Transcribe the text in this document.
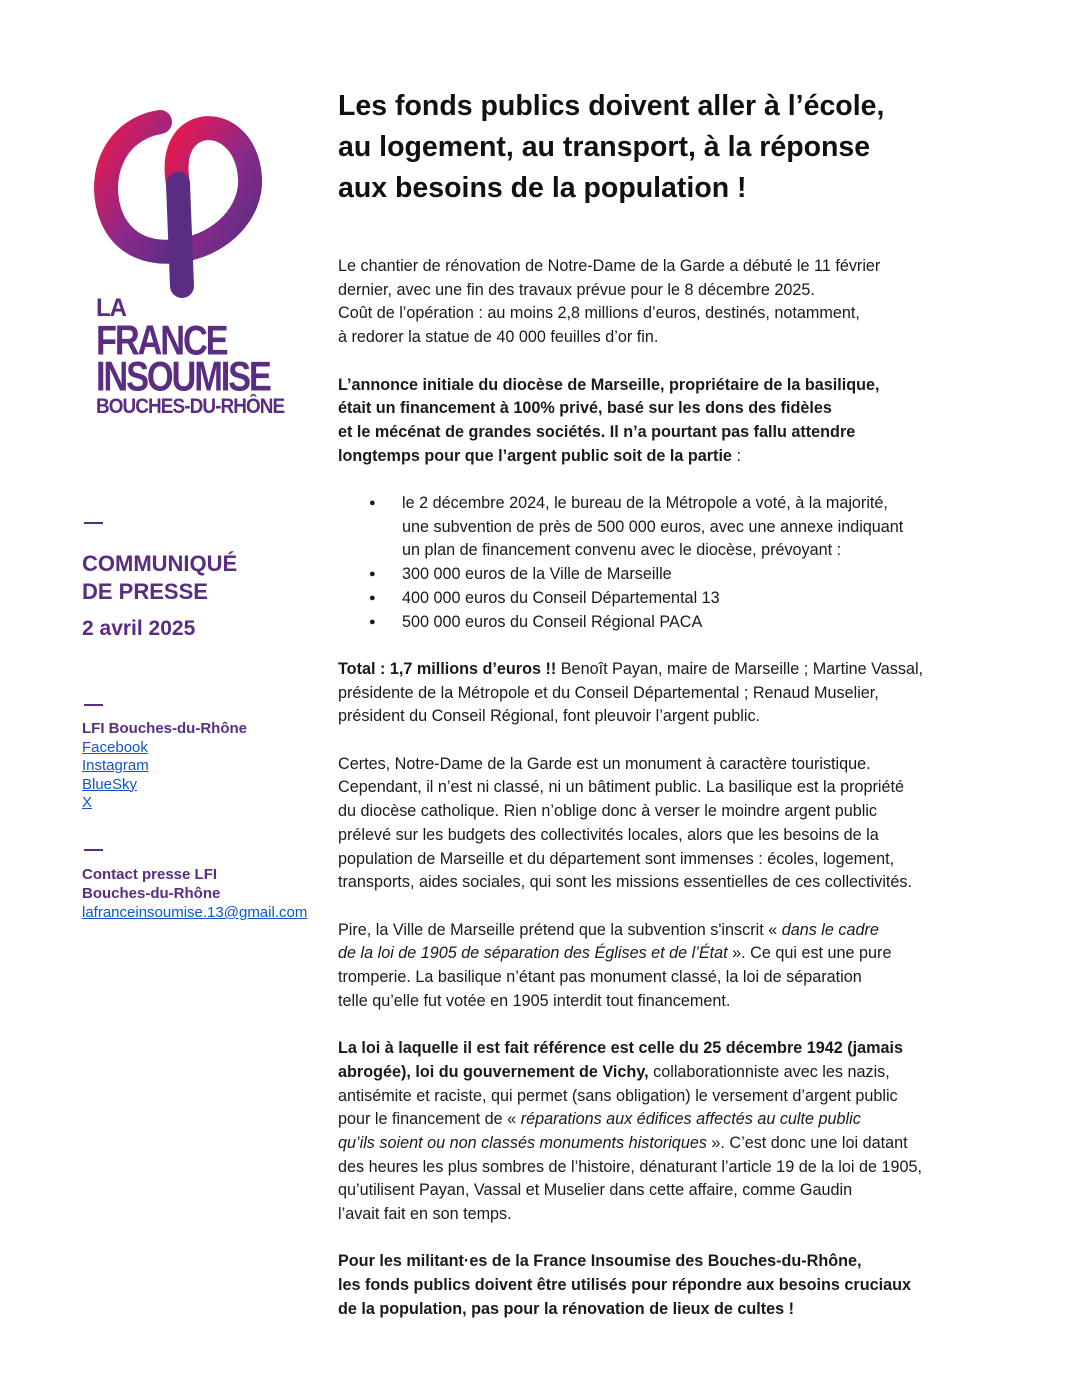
LA
FRANCE
INSOUMISE
BOUCHES-DU-RHÔNE
COMMUNIQUÉ
DE PRESSE
2 avril 2025
LFI Bouches-du-Rhône
Facebook
Instagram
BlueSky
X
Contact presse LFI Bouches-du-Rhône
lafranceinsoumise.13@gmail.com
Les fonds publics doivent aller à l’école,
au logement, au transport, à la réponse
aux besoins de la population !
Le chantier de rénovation de Notre-Dame de la Garde a débuté le 11 février
dernier, avec une fin des travaux prévue pour le 8 décembre 2025.
Coût de l’opération : au moins 2,8 millions d’euros, destinés, notamment,
à redorer la statue de 40 000 feuilles d’or fin.
L’annonce initiale du diocèse de Marseille, propriétaire de la basilique,
était un financement à 100% privé, basé sur les dons des fidèles
et le mécénat de grandes sociétés. Il n’a pourtant pas fallu attendre
longtemps pour que l’argent public soit de la partie :
● le 2 décembre 2024, le bureau de la Métropole a voté, à la majorité,
une subvention de près de 500 000 euros, avec une annexe indiquant
un plan de financement convenu avec le diocèse, prévoyant :
● 300 000 euros de la Ville de Marseille
● 400 000 euros du Conseil Départemental 13
● 500 000 euros du Conseil Régional PACA
Total : 1,7 millions d’euros !! Benoît Payan, maire de Marseille ; Martine Vassal,
présidente de la Métropole et du Conseil Départemental ; Renaud Muselier,
président du Conseil Régional, font pleuvoir l’argent public.
Certes, Notre-Dame de la Garde est un monument à caractère touristique.
Cependant, il n’est ni classé, ni un bâtiment public. La basilique est la propriété
du diocèse catholique. Rien n’oblige donc à verser le moindre argent public
prélevé sur les budgets des collectivités locales, alors que les besoins de la
population de Marseille et du département sont immenses : écoles, logement,
transports, aides sociales, qui sont les missions essentielles de ces collectivités.
Pire, la Ville de Marseille prétend que la subvention s'inscrit « dans le cadre
de la loi de 1905 de séparation des Églises et de l’État ». Ce qui est une pure
tromperie. La basilique n’étant pas monument classé, la loi de séparation
telle qu’elle fut votée en 1905 interdit tout financement.
La loi à laquelle il est fait référence est celle du 25 décembre 1942 (jamais
abrogée), loi du gouvernement de Vichy, collaborationniste avec les nazis,
antisémite et raciste, qui permet (sans obligation) le versement d’argent public
pour le financement de « réparations aux édifices affectés au culte public
qu’ils soient ou non classés monuments historiques ». C’est donc une loi datant
des heures les plus sombres de l’histoire, dénaturant l’article 19 de la loi de 1905,
qu’utilisent Payan, Vassal et Muselier dans cette affaire, comme Gaudin
l’avait fait en son temps.
Pour les militant·es de la France Insoumise des Bouches-du-Rhône,
les fonds publics doivent être utilisés pour répondre aux besoins cruciaux
de la population, pas pour la rénovation de lieux de cultes !
